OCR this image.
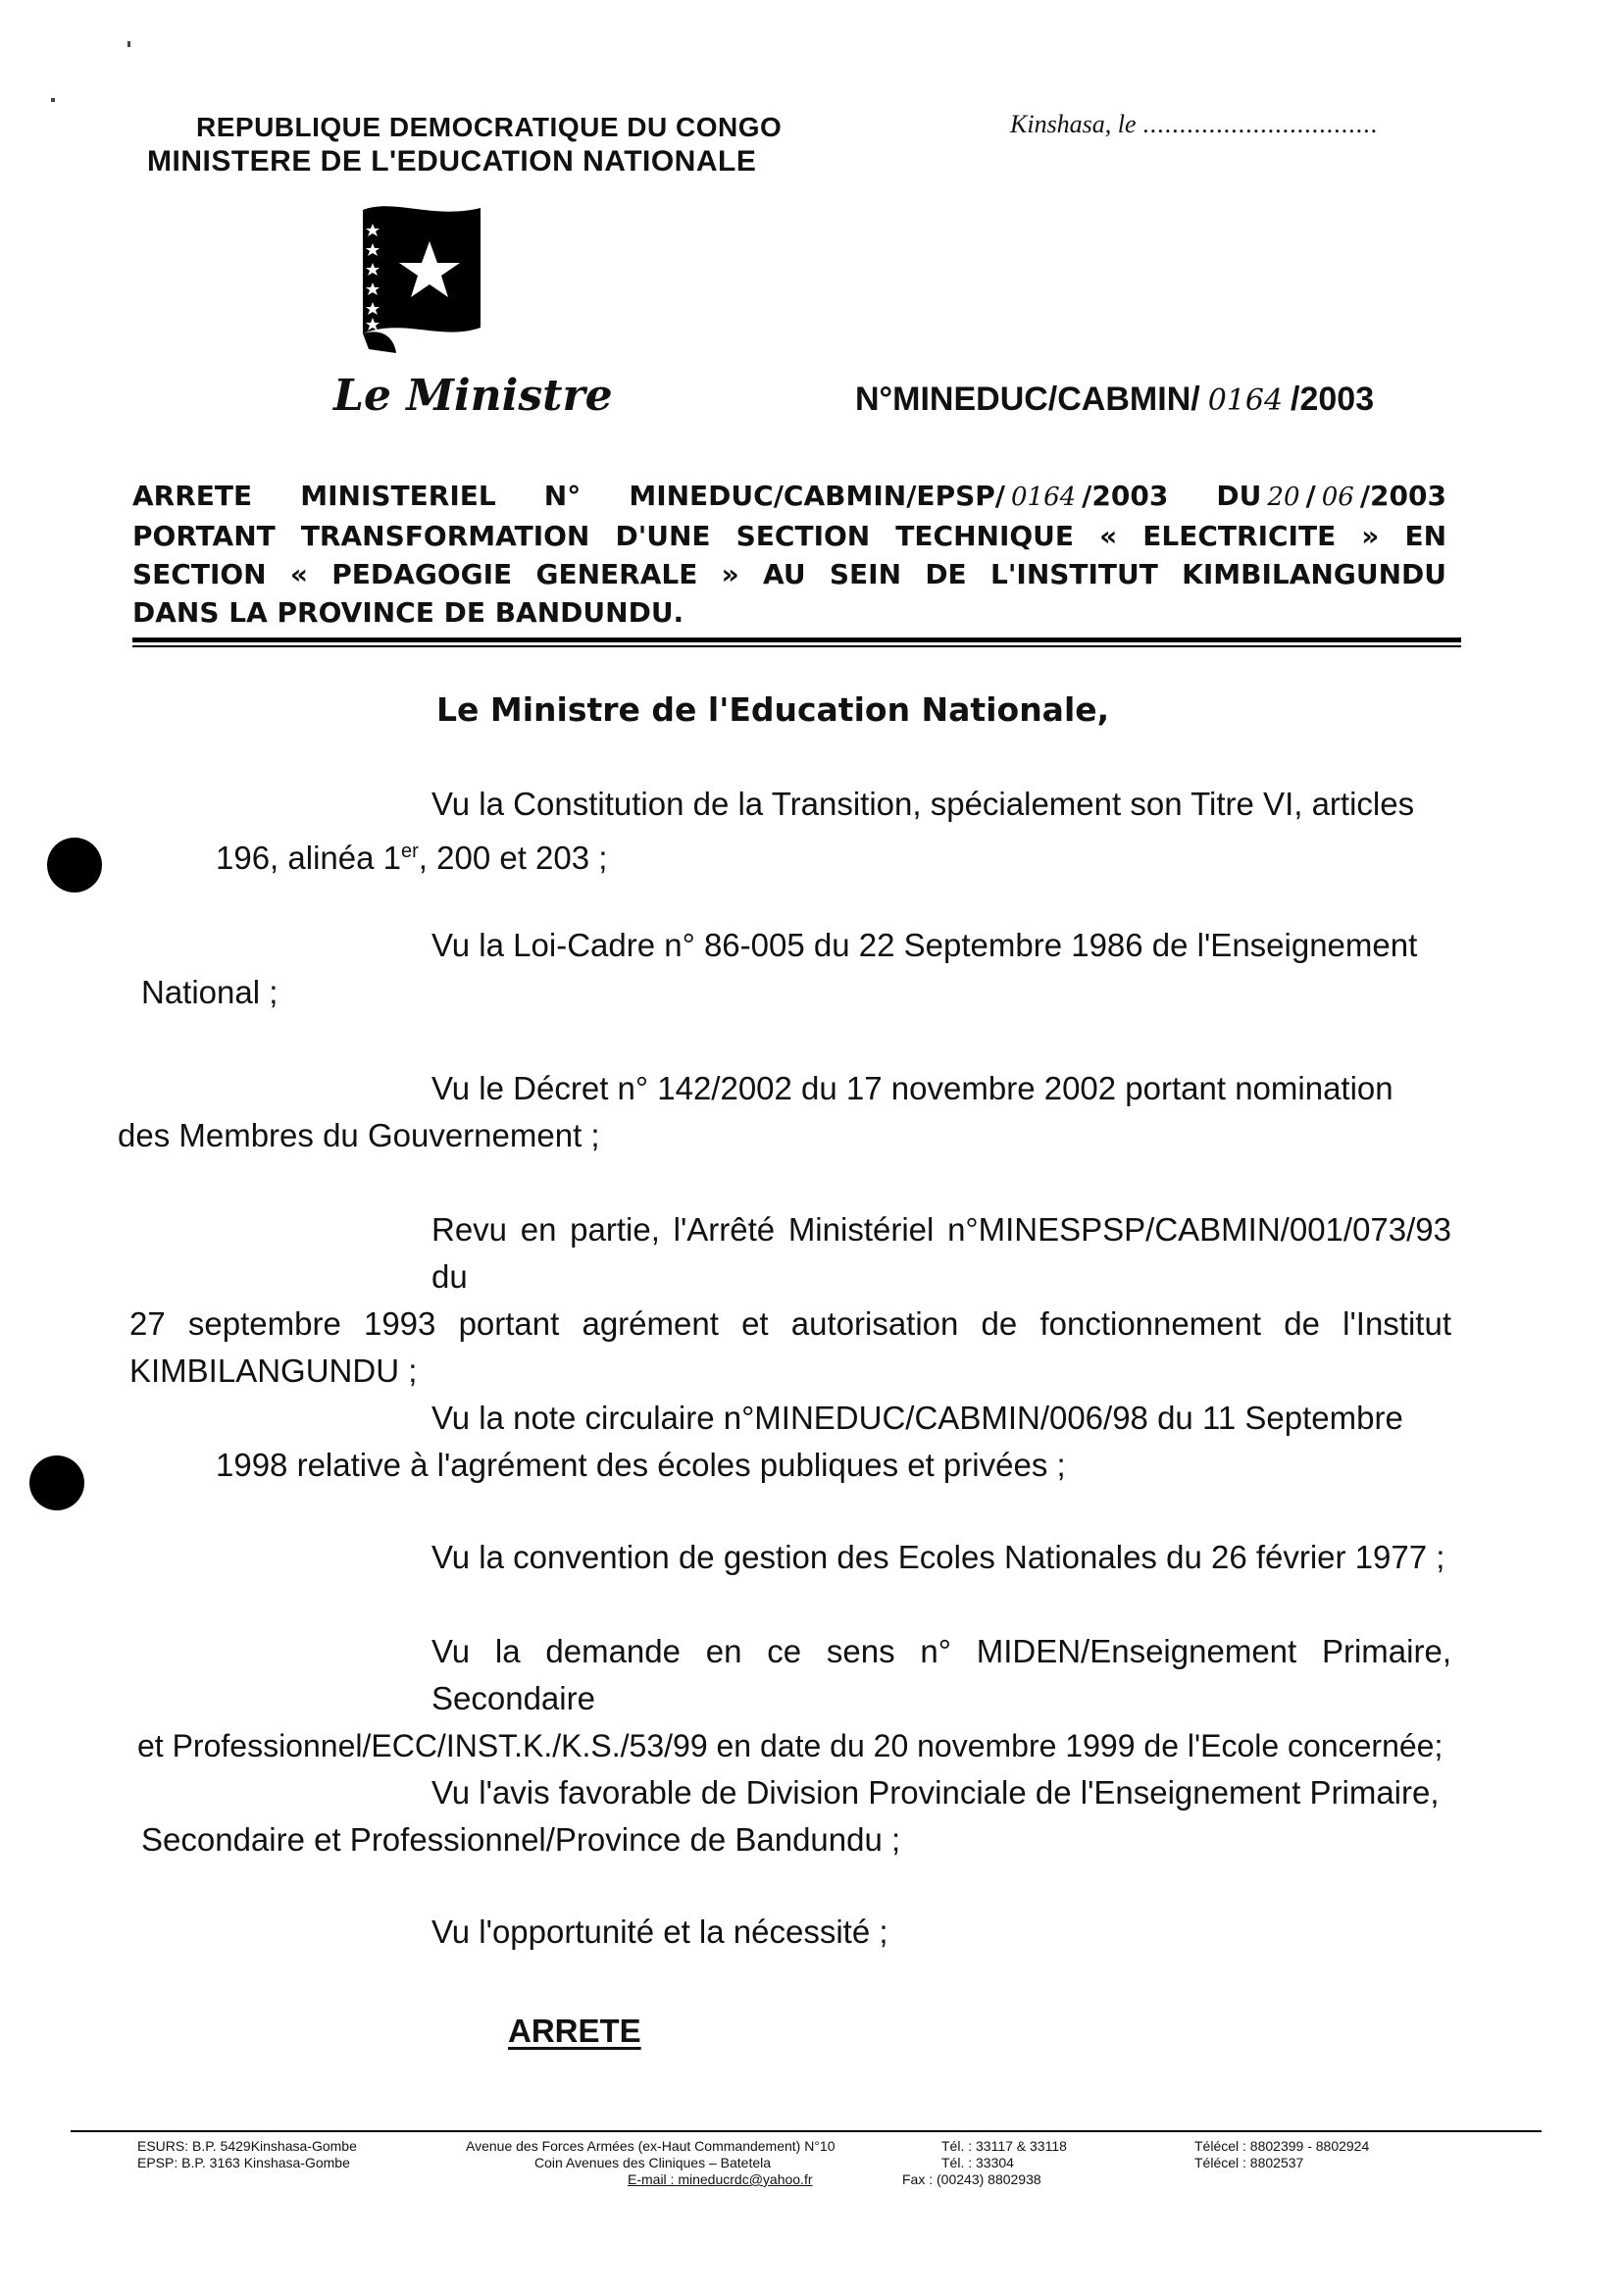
REPUBLIQUE DEMOCRATIQUE DU CONGO
MINISTERE DE L'EDUCATION NATIONALE
Kinshasa, le ................................
Le Ministre	N°MINEDUC/CABMIN/ 0164 /2003
ARRETE MINISTERIEL N° MINEDUC/CABMIN/EPSP/ 0164 /2003 DU 20 / 06 /2003
PORTANT TRANSFORMATION D'UNE SECTION TECHNIQUE « ELECTRICITE » EN
SECTION « PEDAGOGIE GENERALE » AU SEIN DE L'INSTITUT KIMBILANGUNDU
DANS LA PROVINCE DE BANDUNDU.
Le Ministre de l'Education Nationale,
Vu la Constitution de la Transition, spécialement son Titre VI, articles
196, alinéa 1er, 200 et 203 ;
Vu la Loi-Cadre n° 86-005 du 22 Septembre 1986 de l'Enseignement
National ;
Vu le Décret n° 142/2002 du 17 novembre 2002 portant nomination
des Membres du Gouvernement ;
Revu en partie, l'Arrêté Ministériel n°MINESPSP/CABMIN/001/073/93 du
27 septembre 1993 portant agrément et autorisation de fonctionnement de l'Institut
KIMBILANGUNDU ;
Vu la note circulaire n°MINEDUC/CABMIN/006/98 du 11 Septembre
1998 relative à l'agrément des écoles publiques et privées ;
Vu la convention de gestion des Ecoles Nationales du 26 février 1977 ;
Vu la demande en ce sens n° MIDEN/Enseignement Primaire, Secondaire
et Professionnel/ECC/INST.K./K.S./53/99 en date du 20 novembre 1999 de l'Ecole concernée;
Vu l'avis favorable de Division Provinciale de l'Enseignement Primaire,
Secondaire et Professionnel/Province de Bandundu ;
Vu l'opportunité et la nécessité ;
ARRETE
ESURS: B.P. 5429Kinshasa-Gombe
EPSP: B.P. 3163 Kinshasa-Gombe
Avenue des Forces Armées (ex-Haut Commandement) N°10
Coin Avenues des Cliniques – Batetela
E-mail : mineducrdc@yahoo.fr
Tél. : 33117 & 33118
Tél. : 33304
Fax : (00243) 8802938
Télécel : 8802399 - 8802924
Télécel : 8802537
